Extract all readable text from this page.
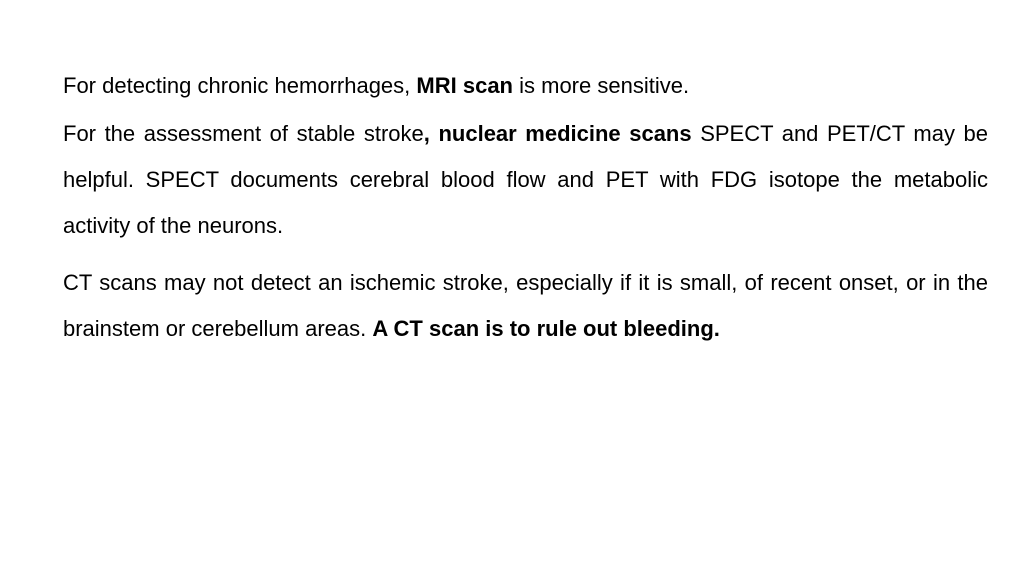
For detecting chronic hemorrhages, MRI scan is more sensitive.

For the assessment of stable stroke, nuclear medicine scans SPECT and PET/CT may be helpful. SPECT documents cerebral blood flow and PET with FDG isotope the metabolic activity of the neurons.

CT scans may not detect an ischemic stroke, especially if it is small, of recent onset, or in the brainstem or cerebellum areas. A CT scan is to rule out bleeding.
